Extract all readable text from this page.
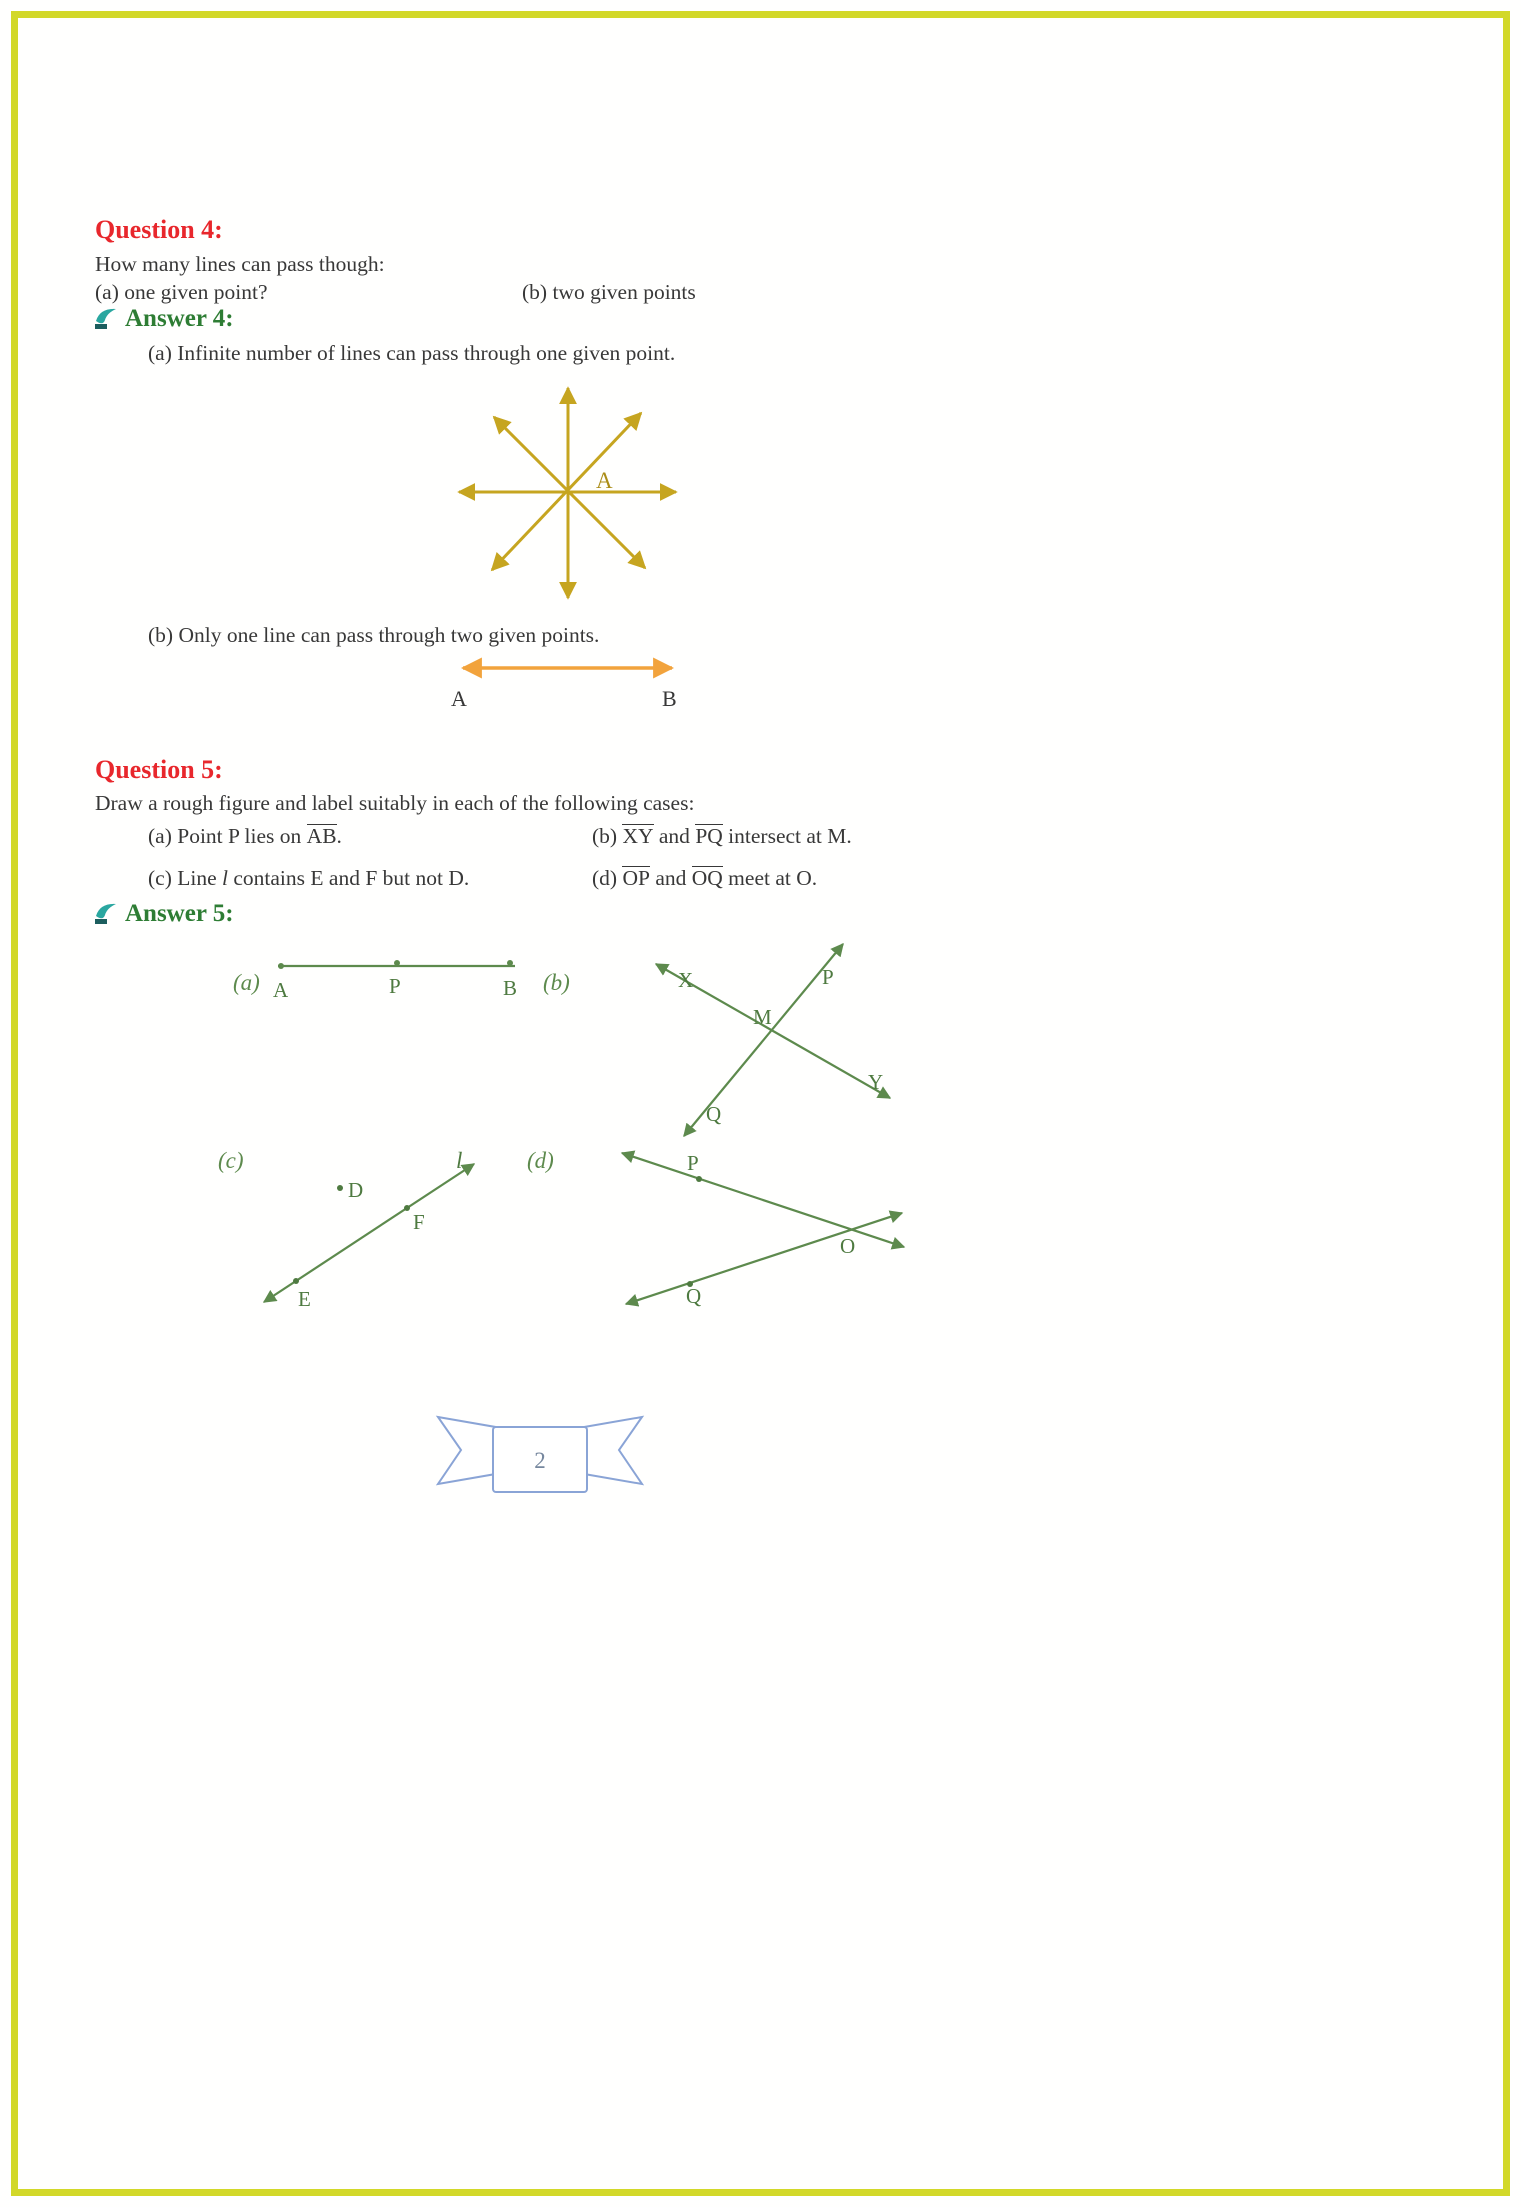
Question 4:

How many lines can pass though:

(a) one given point?	(b) two given points

Answer 4:

(a) Infinite number of lines can pass through one given point.

(b) Only one line can pass through two given points.

Question 5:

Draw a rough figure and label suitably in each of the following cases:

(a) Point P lies on AB.	(b) XY and PQ intersect at M.

(c) Line l contains E and F but not D.	(d) OP and OQ meet at O.

Answer 5:
A
A	B
(a) A	P	B (b)	X	P
M
Y
Q
(c)
D
l
F
E
(d)	P
O
Q
2
